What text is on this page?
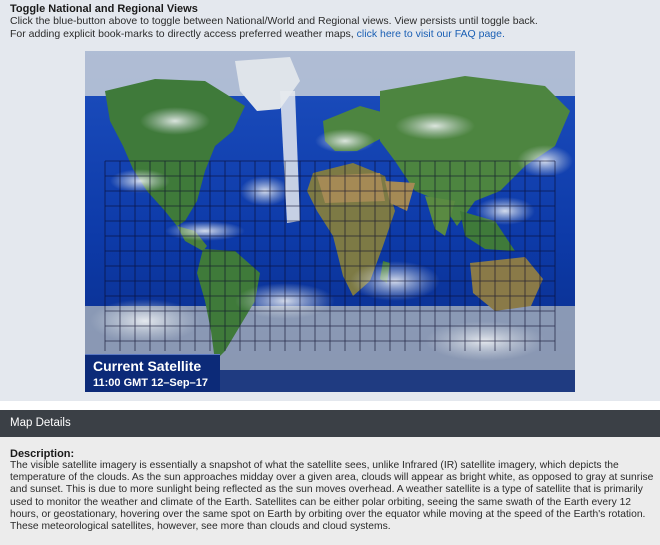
Toggle National and Regional Views
Click the blue-button above to toggle between National/World and Regional views. View persists until toggle back.
For adding explicit book-marks to directly access preferred weather maps, click here to visit our FAQ page.
Current Satellite
11:00 GMT 12–Sep–17
Map Details
Description:
The visible satellite imagery is essentially a snapshot of what the satellite sees, unlike Infrared (IR) satellite imagery, which depicts the temperature of the clouds. As the sun approaches midday over a given area, clouds will appear as bright white, as opposed to gray at sunrise and sunset. This is due to more sunlight being reflected as the sun moves overhead. A weather satellite is a type of satellite that is primarily used to monitor the weather and climate of the Earth. Satellites can be either polar orbiting, seeing the same swath of the Earth every 12 hours, or geostationary, hovering over the same spot on Earth by orbiting over the equator while moving at the speed of the Earth's rotation. These meteorological satellites, however, see more than clouds and cloud systems.
